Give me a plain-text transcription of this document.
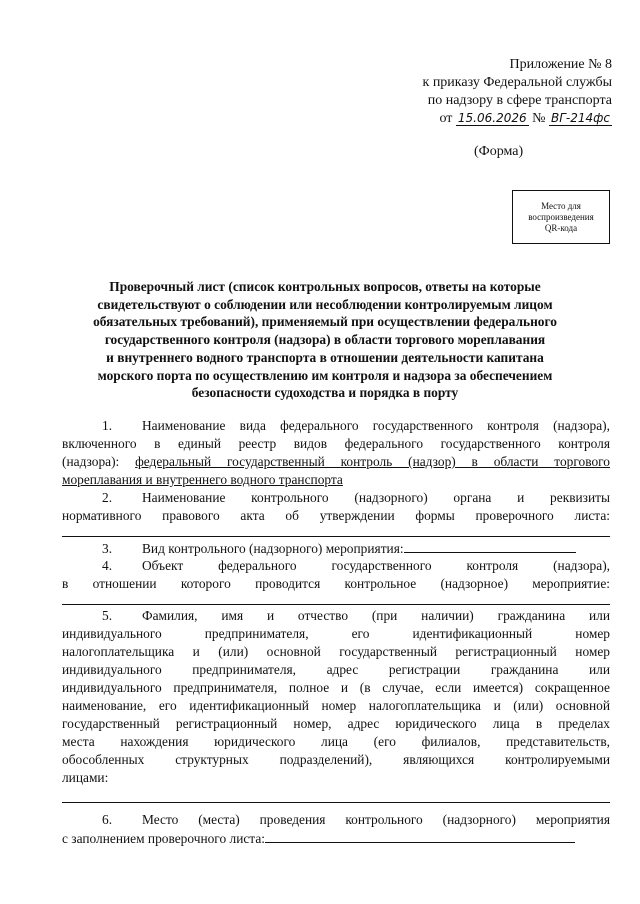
Приложение № 8
к приказу Федеральной службы
по надзору в сфере транспорта
от 15.06.2026 № ВГ-214фс
(Форма)
Место для
воспроизведения
QR-кода
Проверочный лист (список контрольных вопросов, ответы на которые
свидетельствуют о соблюдении или несоблюдении контролируемым лицом
обязательных требований), применяемый при осуществлении федерального
государственного контроля (надзора) в области торгового мореплавания
и внутреннего водного транспорта в отношении деятельности капитана
морского порта по осуществлению им контроля и надзора за обеспечением
безопасности судоходства и порядка в порту
1. Наименование вида федерального государственного контроля (надзора),
включенного в единый реестр видов федерального государственного контроля
(надзора): федеральный государственный контроль (надзор) в области торгового
мореплавания и внутреннего водного транспорта
2. Наименование контрольного (надзорного) органа и реквизиты
нормативного правового акта об утверждении формы проверочного листа:
3. Вид контрольного (надзорного) мероприятия:
4. Объект федерального государственного контроля (надзора),
в отношении которого проводится контрольное (надзорное) мероприятие:
5. Фамилия, имя и отчество (при наличии) гражданина или
индивидуального предпринимателя, его идентификационный номер
налогоплательщика и (или) основной государственный регистрационный номер
индивидуального предпринимателя, адрес регистрации гражданина или
индивидуального предпринимателя, полное и (в случае, если имеется) сокращенное
наименование, его идентификационный номер налогоплательщика и (или) основной
государственный регистрационный номер, адрес юридического лица в пределах
места нахождения юридического лица (его филиалов, представительств,
обособленных структурных подразделений), являющихся контролируемыми
лицами:
6. Место (места) проведения контрольного (надзорного) мероприятия
с заполнением проверочного листа:
